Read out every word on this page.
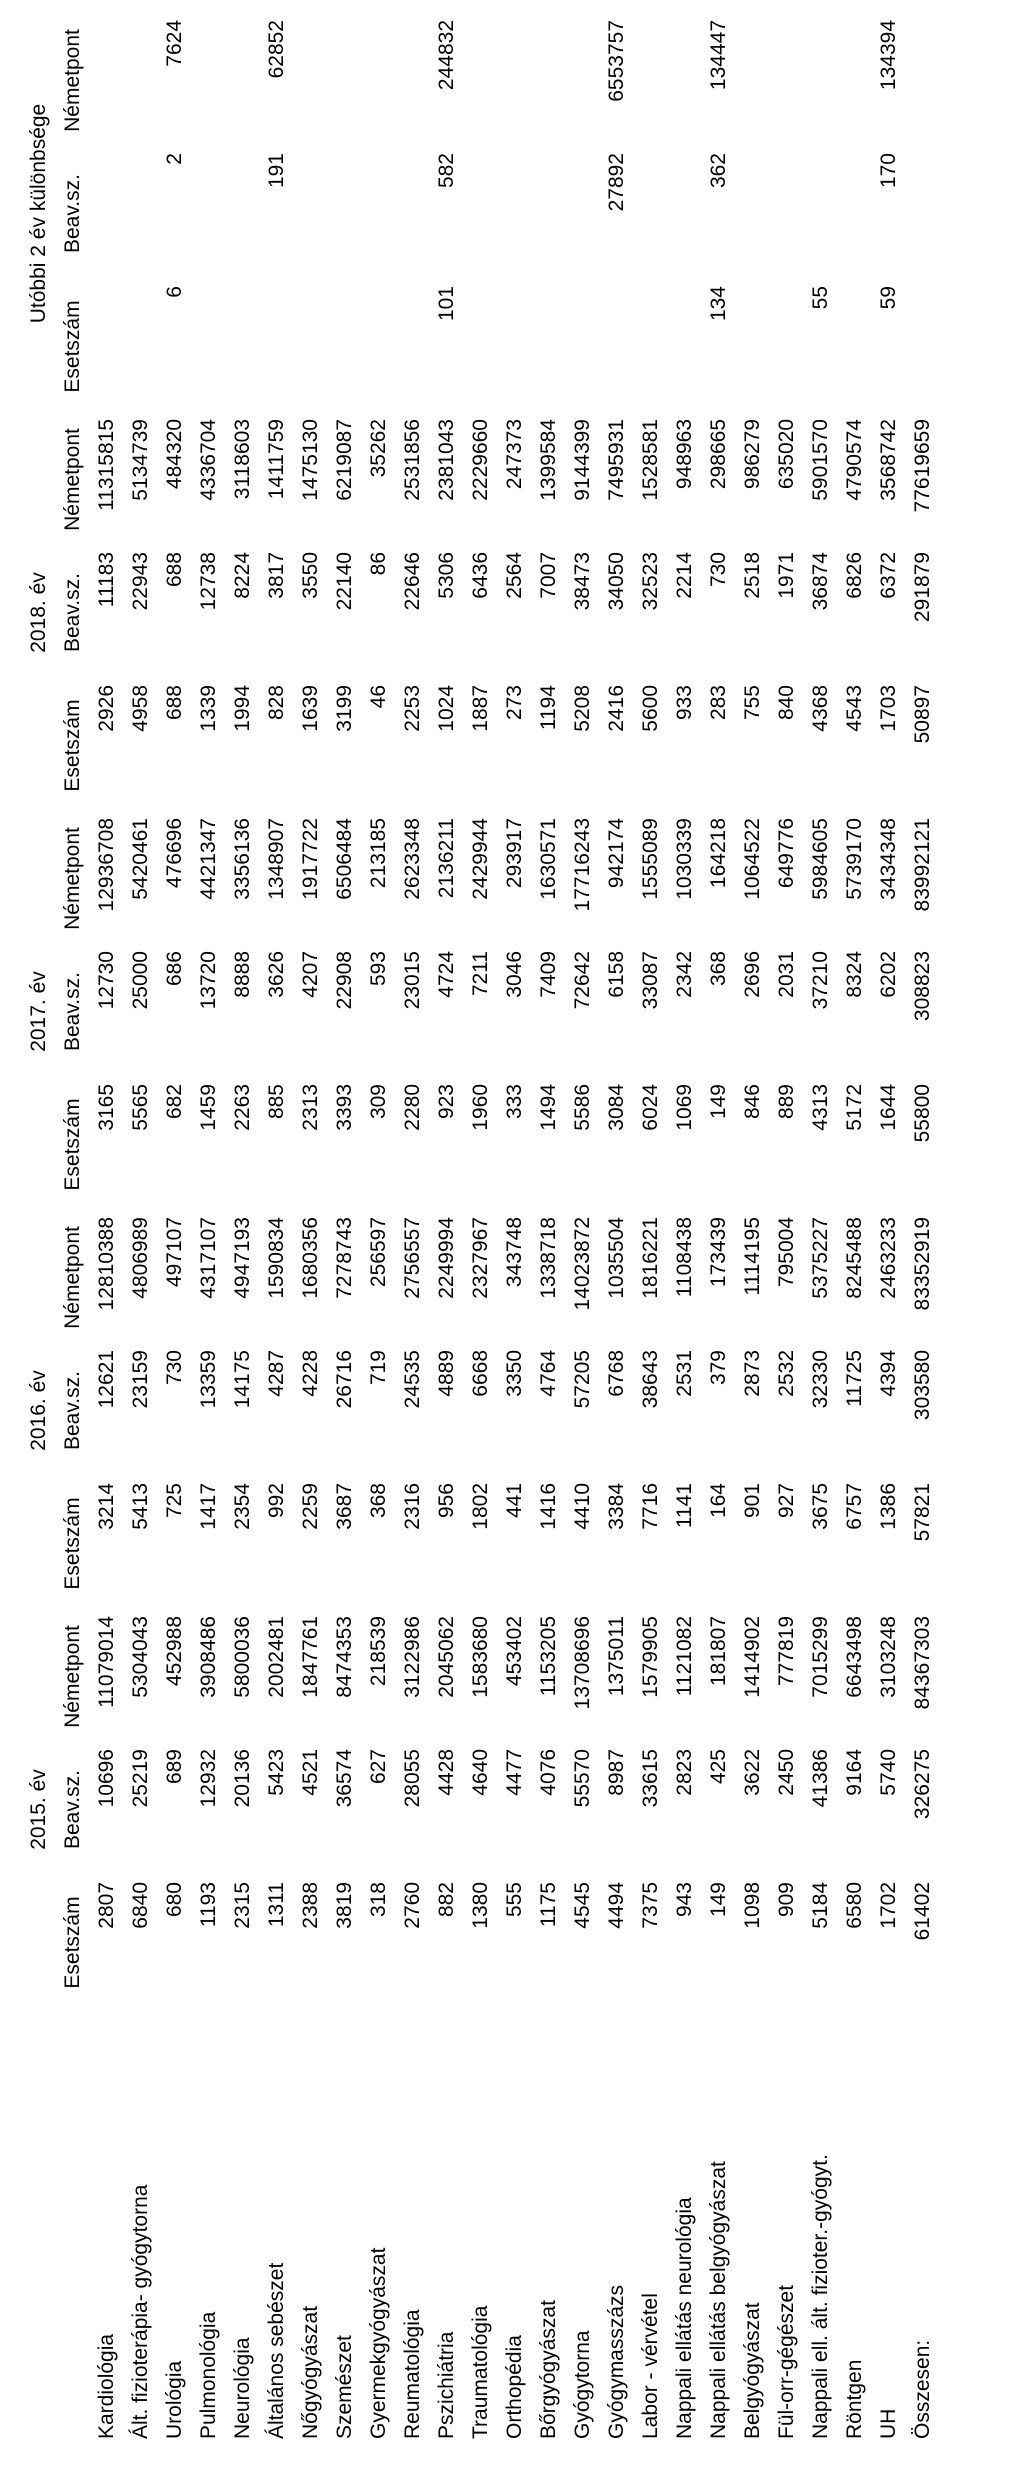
	2015. év			2016. év			2017. év			2018. év			Utóbbi 2 év különbsége		
	Esetszám	Beav.sz.	Németpont	Esetszám	Beav.sz.	Németpont	Esetszám	Beav.sz.	Németpont	Esetszám	Beav.sz.	Németpont	Esetszám	Beav.sz.	Németpont
Kardiológia	2807	10696	11079014	3214	12621	12810388	3165	12730	12936708	2926	11183	11315815			
Ált. fizioterápia- gyógytorna	6840	25219	5304043	5413	23159	4806989	5565	25000	5420461	4958	22943	5134739			
Urológia	680	689	452988	725	730	497107	682	686	476696	688	688	484320	6	2	7624
Pulmonológia	1193	12932	3908486	1417	13359	4317107	1459	13720	4421347	1339	12738	4336704			
Neurológia	2315	20136	5800036	2354	14175	4947193	2263	8888	3356136	1994	8224	3118603			
Általános sebészet	1311	5423	2002481	992	4287	1590834	885	3626	1348907	828	3817	1411759		191	62852
Nőgyógyászat	2388	4521	1847761	2259	4228	1680356	2313	4207	1917722	1639	3550	1475130			
Szemészet	3819	36574	8474353	3687	26716	7278743	3393	22908	6506484	3199	22140	6219087			
Gyermekgyógyászat	318	627	218539	368	719	256597	309	593	213185	46	86	35262			
Reumatológia	2760	28055	3122986	2316	24535	2756557	2280	23015	2623348	2253	22646	2531856			
Pszichiátria	882	4428	2045062	956	4889	2249994	923	4724	2136211	1024	5306	2381043	101	582	244832
Traumatológia	1380	4640	1583680	1802	6668	2327967	1960	7211	2429944	1887	6436	2229660			
Orthopédia	555	4477	453402	441	3350	343748	333	3046	293917	273	2564	247373			
Bőrgyógyászat	1175	4076	1153205	1416	4764	1338718	1494	7409	1630571	1194	7007	1399584			
Gyógytorna	4545	55570	13708696	4410	57205	14023872	5586	72642	17716243	5208	38473	9144399			
Gyógymasszázs	4494	8987	1375011	3384	6768	1035504	3084	6158	942174	2416	34050	7495931		27892	6553757
Labor - vérvétel	7375	33615	1579905	7716	38643	1816221	6024	33087	1555089	5600	32523	1528581			
Nappali ellátás neurológia	943	2823	1121082	1141	2531	1108438	1069	2342	1030339	933	2214	948963			
Nappali ellátás belgyógyászat	149	425	181807	164	379	173439	149	368	164218	283	730	298665	134	362	134447
Belgyógyászat	1098	3622	1414902	901	2873	1114195	846	2696	1064522	755	2518	986279			
Fül-orr-gégészet	909	2450	777819	927	2532	795004	889	2031	649776	840	1971	635020			
Nappali ell. ált. fizioter.-gyógyt.	5184	41386	7015299	3675	32330	5375227	4313	37210	5984605	4368	36874	5901570	55		
Röntgen	6580	9164	6643498	6757	11725	8245488	5172	8324	5739170	4543	6826	4790574			
UH	1702	5740	3103248	1386	4394	2463233	1644	6202	3434348	1703	6372	3568742	59	170	134394
Összesen:	61402	326275	84367303	57821	303580	83352919	55800	308823	83992121	50897	291879	77619659			
